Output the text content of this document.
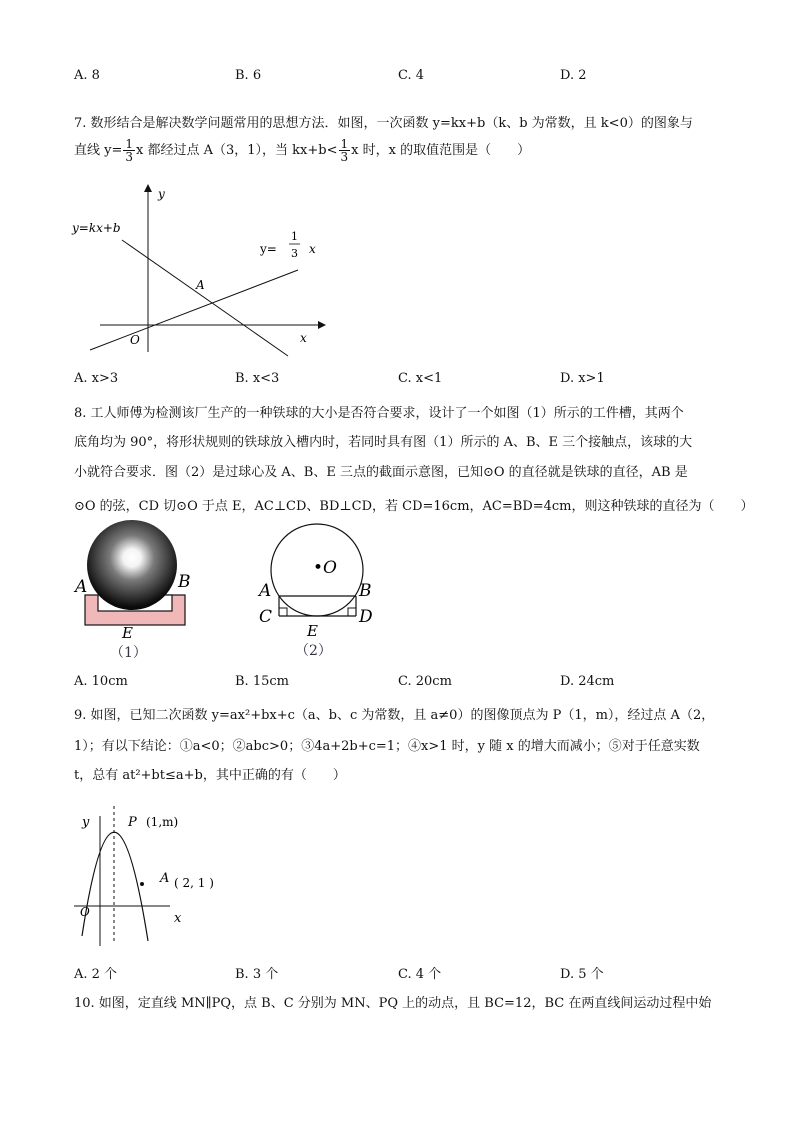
A. 8	B. 6	C. 4	D. 2
7. 数形结合是解决数学问题常用的思想方法．如图，一次函数 y=kx+b（k、b 为常数，且 k<0）的图象与
直线 $y= \frac{1}{3}$ x 都经过点 A（3，1），当 $kx+b< \frac{1}{3}$ x 时，x 的取值范围是（　　）
y
x
O
y=kx+b
y=
1
3 x
A
A. x>3	B. x<3	C. x<1	D. x>1
8. 工人师傅为检测该厂生产的一种铁球的大小是否符合要求，设计了一个如图（1）所示的工件槽，其两个
底角均为 90°，将形状规则的铁球放入槽内时，若同时具有图（1）所示的 A、B、E 三个接触点，该球的大
小就符合要求．图（2）是过球心及 A、B、E 三点的截面示意图，已知⊙O 的直径就是铁球的直径，AB 是
⊙O 的弦，CD 切⊙O 于点 E，AC⊥CD、BD⊥CD，若 CD=16cm，AC=BD=4cm，则这种铁球的直径为（　　）
A	B
E
（1）
•O
A	B
C	D
E
（2）
A. 10cm	B. 15cm	C. 20cm	D. 24cm
9. 如图，已知二次函数 y=ax²+bx+c（a、b、c 为常数，且 a≠0）的图像顶点为 P（1，m），经过点 A（2，
1）；有以下结论：①a<0；②abc>0；③4a+2b+c=1；④x>1 时，y 随 x 的增大而减小；⑤对于任意实数
t，总有 at²+bt≤a+b，其中正确的有（　　）
y
x
O
P (1,m)
A ( 2, 1 )
A. 2 个	B. 3 个	C. 4 个	D. 5 个
10. 如图，定直线 MN∥PQ，点 B、C 分别为 MN、PQ 上的动点，且 BC=12，BC 在两直线间运动过程中始
